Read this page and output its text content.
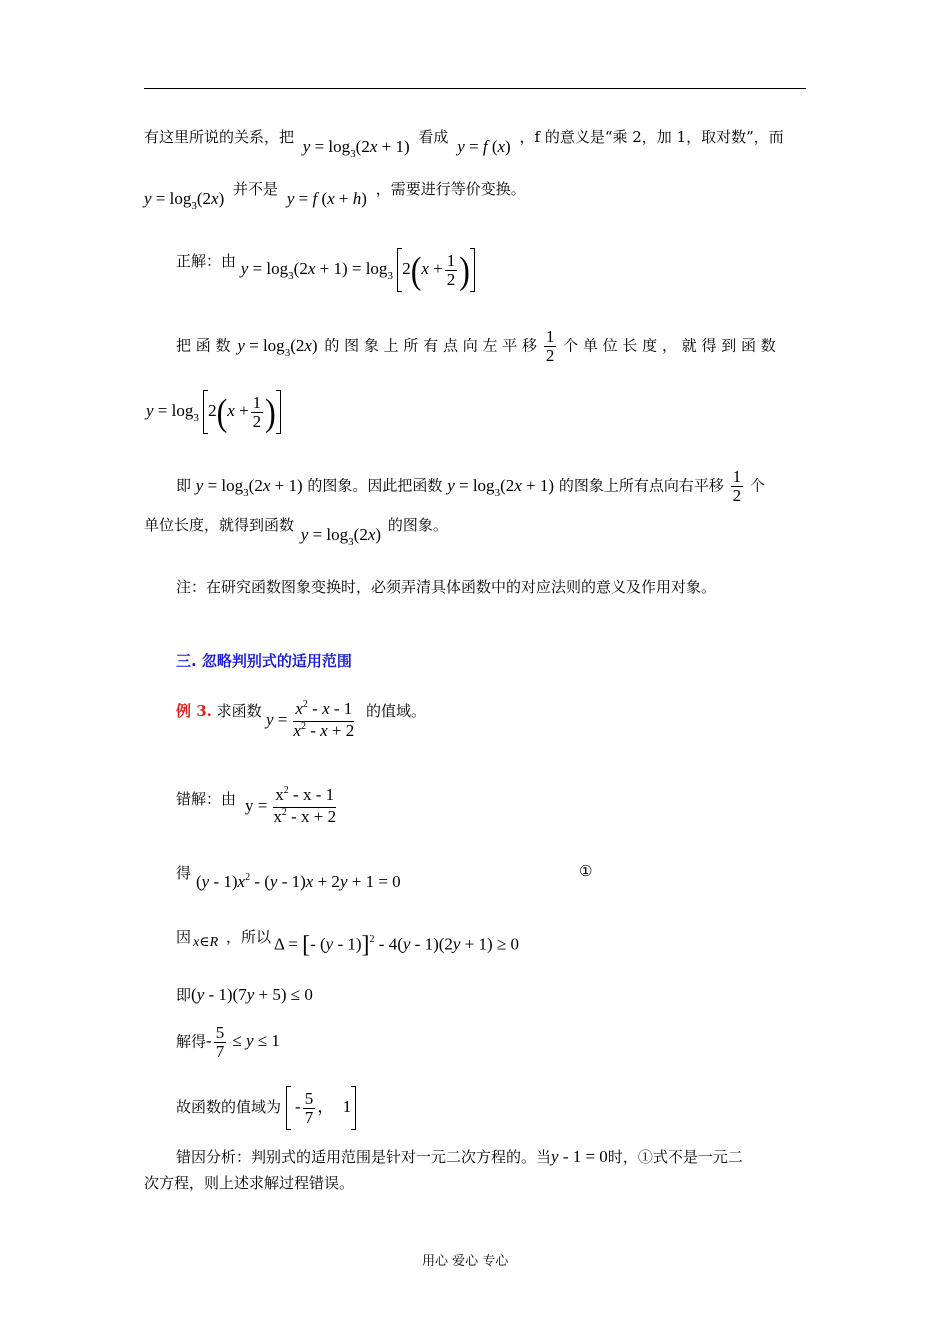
有这里所说的关系，把 $y = \log_3(2x + 1)$ 看成 y = f (x) ，f 的意义是“乘 2，加 1，取对数”，而
$y = \log_3(2x)$ 并不是 y = f (x + h) ，需要进行等价变换。
正解：由 $y = \log_3(2x + 1) = \log_3 2(x + \frac{1}{2}$ )
把 函 数 $y = \log_3(2x)$ 的 图 象 上 所 有 点 向 左 平 移 $\frac{1}{2}$ 个 单 位 长 度 ， 就 得 到 函 数
$y = \log_3 2(x + \frac{1}{2}$ )
即 $y = \log_3(2x + 1)$ 的图象。因此把函数 $y = \log_3(2x + 1)$ 的图象上所有点向右平移 $\frac{1}{2}$ 个
单位长度，就得到函数 $y = \log_3(2x)$ 的图象。
注：在研究函数图象变换时，必须弄清具体函数中的对应法则的意义及作用对象。
三. 忽略判别式的适用范围
例 3. 求函数 $y = \frac{x^2 - x - 1}{x^2 - x + 2}$ 的值域。
错解：由 $y = \frac{x^2 - x - 1}{x^2 - x + 2}$
得 $(y - 1)x^2 - (y - 1)x + 2y + 1 = 0$
①
因 x∈R ，所以 Δ = [- (y - 1)]$^2$ - 4(y - 1)(2y + 1) ≥ 0
即(y - 1)(7y + 5) ≤ 0
解得- $\frac{5}{7} \le y \le 1$
故函数的值域为  - $\frac{5}{7}$ ，  1
错因分析：判别式的适用范围是针对一元二次方程的。当y - 1 = 0时，①式不是一元二
次方程，则上述求解过程错误。
用心 爱心 专心
